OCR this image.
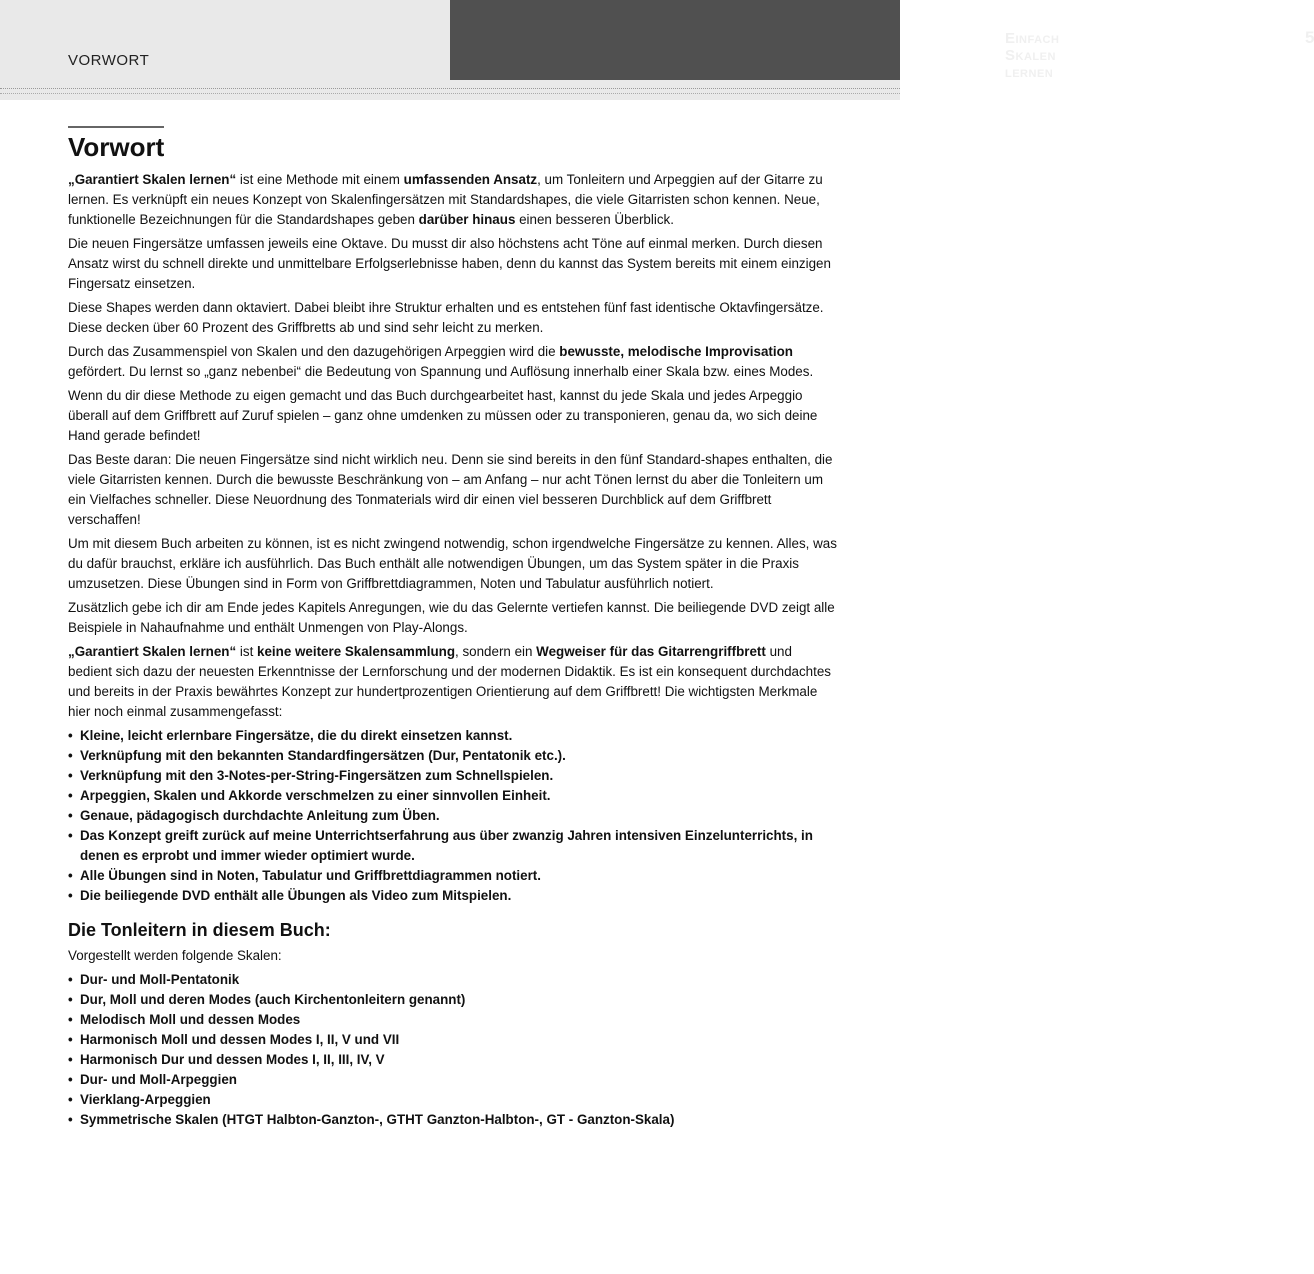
Einfach Skalen lernen
5
VORWORT
Vorwort

„Garantiert Skalen lernen“ ist eine Methode mit einem umfassenden Ansatz, um Tonleitern und Arpeggien auf der Gitarre zu lernen. Es verknüpft ein neues Konzept von Skalenfingersätzen mit Standardshapes, die viele Gitarristen schon kennen. Neue, funktionelle Bezeichnungen für die Standardshapes geben darüber hinaus einen besseren Überblick.

Die neuen Fingersätze umfassen jeweils eine Oktave. Du musst dir also höchstens acht Töne auf einmal merken. Durch diesen Ansatz wirst du schnell direkte und unmittelbare Erfolgserlebnisse haben, denn du kannst das System bereits mit einem einzigen Fingersatz einsetzen.

Diese Shapes werden dann oktaviert. Dabei bleibt ihre Struktur erhalten und es entstehen fünf fast identische Oktavfingersätze. Diese decken über 60 Prozent des Griffbretts ab und sind sehr leicht zu merken.

Durch das Zusammenspiel von Skalen und den dazugehörigen Arpeggien wird die bewusste, melodische Improvisation gefördert. Du lernst so „ganz nebenbei“ die Bedeutung von Spannung und Auflösung innerhalb einer Skala bzw. eines Modes.

Wenn du dir diese Methode zu eigen gemacht und das Buch durchgearbeitet hast, kannst du jede Skala und jedes Arpeggio überall auf dem Griffbrett auf Zuruf spielen – ganz ohne umdenken zu müssen oder zu transponieren, genau da, wo sich deine Hand gerade befindet!

Das Beste daran: Die neuen Fingersätze sind nicht wirklich neu. Denn sie sind bereits in den fünf Standard-shapes enthalten, die viele Gitarristen kennen. Durch die bewusste Beschränkung von – am Anfang – nur acht Tönen lernst du aber die Tonleitern um ein Vielfaches schneller. Diese Neuordnung des Tonmaterials wird dir einen viel besseren Durchblick auf dem Griffbrett verschaffen!

Um mit diesem Buch arbeiten zu können, ist es nicht zwingend notwendig, schon irgendwelche Fingersätze zu kennen. Alles, was du dafür brauchst, erkläre ich ausführlich. Das Buch enthält alle notwendigen Übungen, um das System später in die Praxis umzusetzen. Diese Übungen sind in Form von Griffbrettdiagrammen, Noten und Tabulatur ausführlich notiert.

Zusätzlich gebe ich dir am Ende jedes Kapitels Anregungen, wie du das Gelernte vertiefen kannst. Die beiliegende DVD zeigt alle Beispiele in Nahaufnahme und enthält Unmengen von Play-Alongs.

„Garantiert Skalen lernen“ ist keine weitere Skalensammlung, sondern ein Wegweiser für das Gitarrengriffbrett und bedient sich dazu der neuesten Erkenntnisse der Lernforschung und der modernen Didaktik. Es ist ein konsequent durchdachtes und bereits in der Praxis bewährtes Konzept zur hundertprozentigen Orientierung auf dem Griffbrett! Die wichtigsten Merkmale hier noch einmal zusammengefasst:

• Kleine, leicht erlernbare Fingersätze, die du direkt einsetzen kannst.
• Verknüpfung mit den bekannten Standardfingersätzen (Dur, Pentatonik etc.).
• Verknüpfung mit den 3-Notes-per-String-Fingersätzen zum Schnellspielen.
• Arpeggien, Skalen und Akkorde verschmelzen zu einer sinnvollen Einheit.
• Genaue, pädagogisch durchdachte Anleitung zum Üben.
• Das Konzept greift zurück auf meine Unterrichtserfahrung aus über zwanzig Jahren intensiven Einzelunterrichts, in denen es erprobt und immer wieder optimiert wurde.
• Alle Übungen sind in Noten, Tabulatur und Griffbrettdiagrammen notiert.
• Die beiliegende DVD enthält alle Übungen als Video zum Mitspielen.
Die Tonleitern in diesem Buch:
Vorgestellt werden folgende Skalen:
• Dur- und Moll-Pentatonik
• Dur, Moll und deren Modes (auch Kirchentonleitern genannt)
• Melodisch Moll und dessen Modes
• Harmonisch Moll und dessen Modes I, II, V und VII
• Harmonisch Dur und dessen Modes I, II, III, IV, V
• Dur- und Moll-Arpeggien
• Vierklang-Arpeggien
• Symmetrische Skalen (HTGT Halbton-Ganzton-, GTHT Ganzton-Halbton-, GT - Ganzton-Skala)
